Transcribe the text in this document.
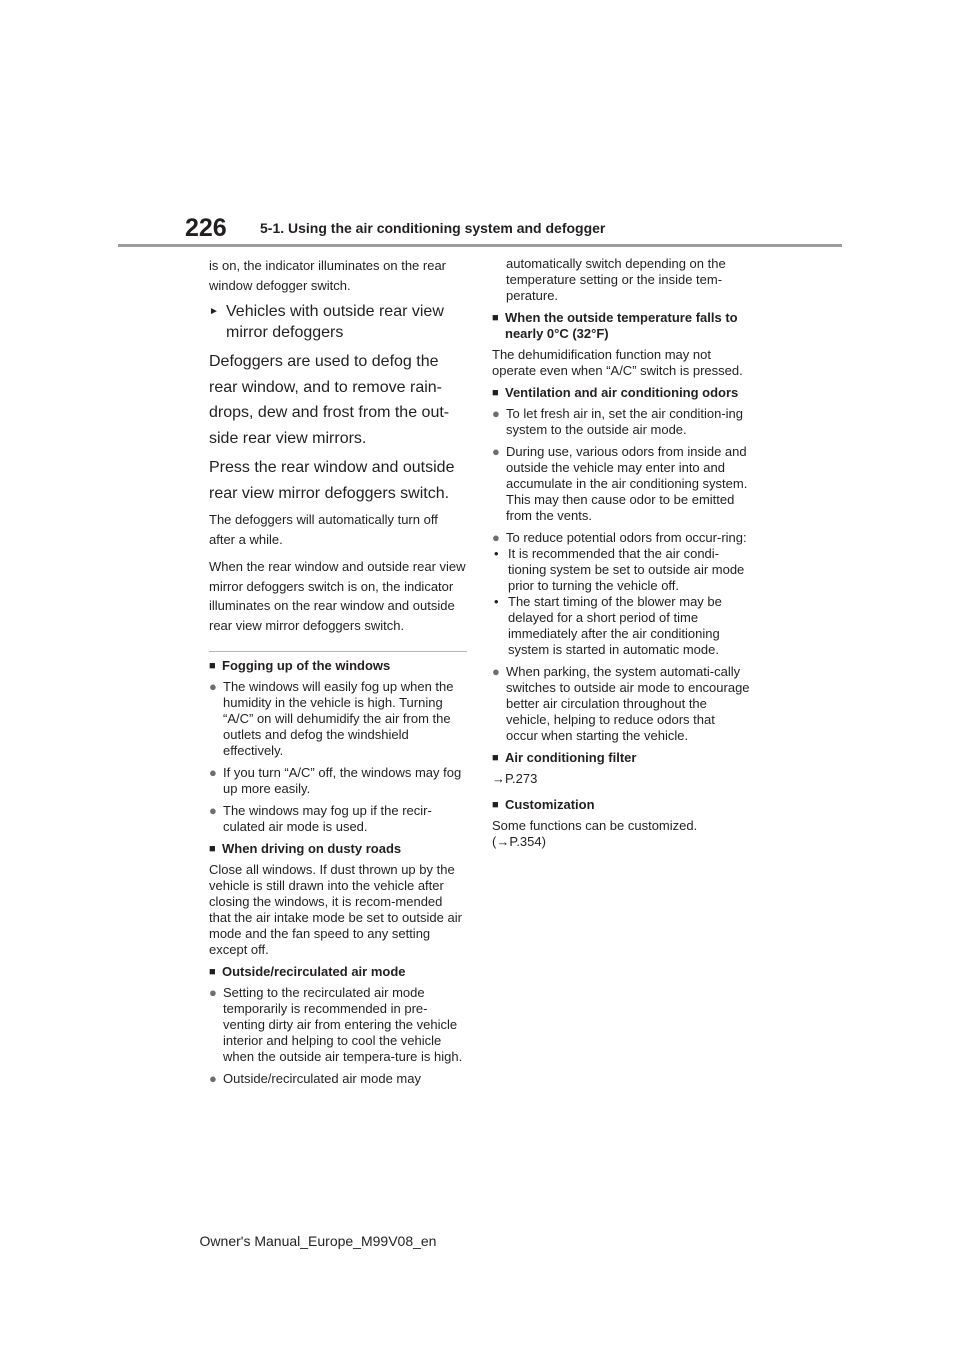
226 5-1. Using the air conditioning system and defogger

is on, the indicator illuminates on the rear window defogger switch.

► Vehicles with outside rear view mirror defoggers

Defoggers are used to defog the rear window, and to remove rain-drops, dew and frost from the out-side rear view mirrors.

Press the rear window and outside rear view mirror defoggers switch.

The defoggers will automatically turn off after a while.

When the rear window and outside rear view mirror defoggers switch is on, the indicator illuminates on the rear window and outside rear view mirror defoggers switch.

■ Fogging up of the windows
● The windows will easily fog up when the humidity in the vehicle is high. Turning “A/C” on will dehumidify the air from the outlets and defog the windshield effectively.
● If you turn “A/C” off, the windows may fog up more easily.
● The windows may fog up if the recir-culated air mode is used.
■ When driving on dusty roads

Close all windows. If dust thrown up by the vehicle is still drawn into the vehicle after closing the windows, it is recom-mended that the air intake mode be set to outside air mode and the fan speed to any setting except off.

■ Outside/recirculated air mode
● Setting to the recirculated air mode temporarily is recommended in pre-venting dirty air from entering the vehicle interior and helping to cool the vehicle when the outside air tempera-ture is high.
● Outside/recirculated air mode may

automatically switch depending on the temperature setting or the inside tem-perature.

■ When the outside temperature falls to nearly 0°C (32°F)

The dehumidification function may not operate even when “A/C” switch is pressed.

■ Ventilation and air conditioning odors
● To let fresh air in, set the air condition-ing system to the outside air mode.
● During use, various odors from inside and outside the vehicle may enter into and accumulate in the air conditioning system. This may then cause odor to be emitted from the vents.
● To reduce potential odors from occur-ring:
• It is recommended that the air condi-tioning system be set to outside air mode prior to turning the vehicle off.
• The start timing of the blower may be delayed for a short period of time immediately after the air conditioning system is started in automatic mode.
● When parking, the system automati-cally switches to outside air mode to encourage better air circulation throughout the vehicle, helping to reduce odors that occur when starting the vehicle.
■ Air conditioning filter

→P.273

■ Customization

Some functions can be customized. (→P.354)

Owner's Manual_Europe_M99V08_en
